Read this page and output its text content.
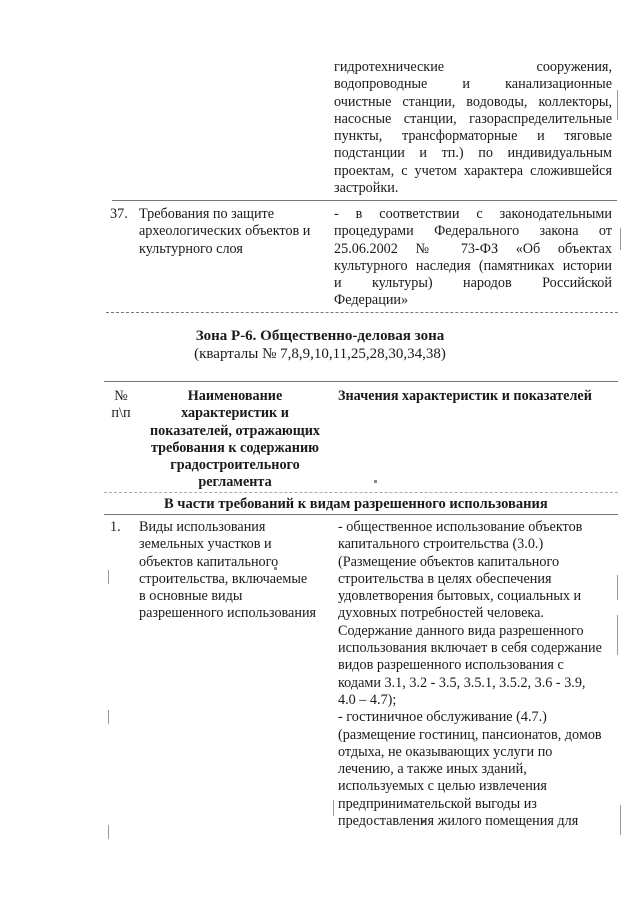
гидротехнические сооружения,
водопроводные и канализационные
очистные станции, водоводы, коллекторы,
насосные станции, газораспределительные
пункты, трансформаторные и тяговые
подстанции и тп.) по индивидуальным
проектам, с учетом характера сложившейся
застройки.
37. Требования по защите
археологических объектов и
культурного слоя
- в соответствии с законодательными
процедурами Федерального закона от
25.06.2002 № 73-ФЗ «Об объектах
культурного наследия (памятниках истории
и культуры) народов Российской
Федерации»
Зона Р-6. Общественно-деловая зона
(кварталы № 7,8,9,10,11,25,28,30,34,38)
№
п\п
Наименование
характеристик и
показателей, отражающих
требования к содержанию
градостроительного
регламента
Значения характеристик и показателей
В части требований к видам разрешенного использования
1. Виды использования
земельных участков и
объектов капитального
строительства, включаемые
в основные виды
разрешенного использования
- общественное использование объектов
капитального строительства (3.0.)
(Размещение объектов капитального
строительства в целях обеспечения
удовлетворения бытовых, социальных и
духовных потребностей человека.
Содержание данного вида разрешенного
использования включает в себя содержание
видов разрешенного использования с
кодами 3.1, 3.2 - 3.5, 3.5.1, 3.5.2, 3.6 - 3.9,
4.0 – 4.7);
- гостиничное обслуживание (4.7.)
(размещение гостиниц, пансионатов, домов
отдыха, не оказывающих услуги по
лечению, а также иных зданий,
используемых с целью извлечения
предпринимательской выгоды из
предоставления жилого помещения для
